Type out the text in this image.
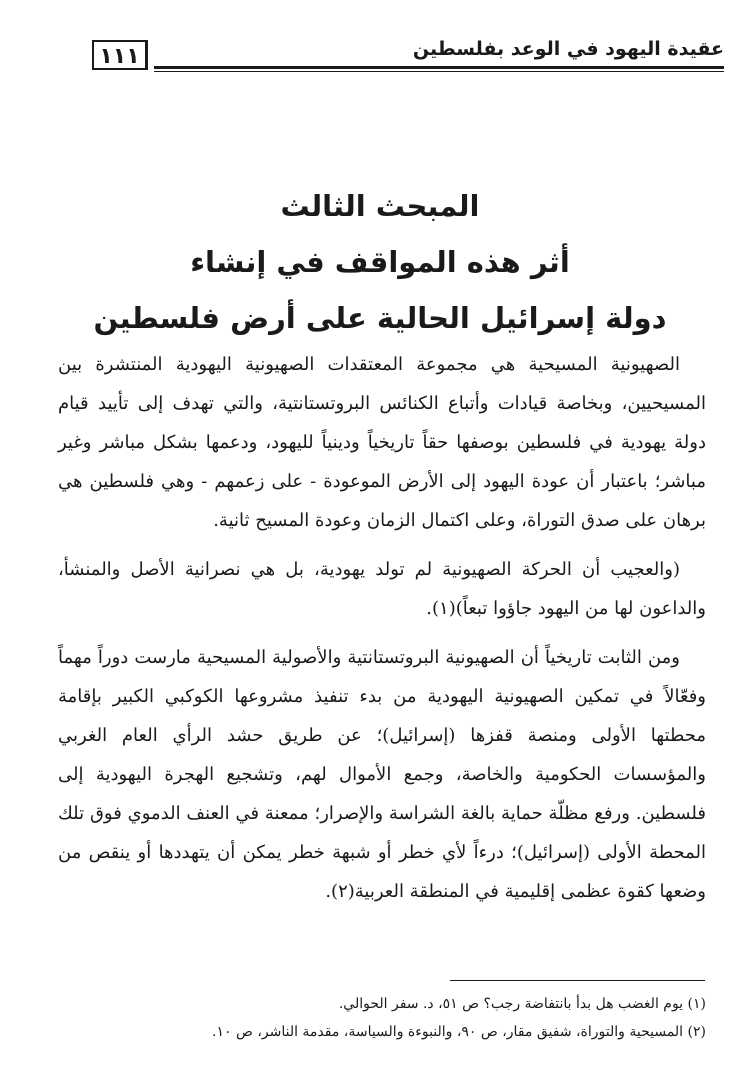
١١١	عقيدة اليهود في الوعد بفلسطين
المبحث الثالث
أثر هذه المواقف في إنشاء
دولة إسرائيل الحالية على أرض فلسطين

الصهيونية المسيحية هي مجموعة المعتقدات الصهيونية اليهودية المنتشرة بين المسيحيين، وبخاصة قيادات وأتباع الكنائس البروتستانتية، والتي تهدف إلى تأييد قيام دولة يهودية في فلسطين بوصفها حقاً تاريخياً ودينياً لليهود، ودعمها بشكل مباشر وغير مباشر؛ باعتبار أن عودة اليهود إلى الأرض الموعودة - على زعمهم - وهي فلسطين هي برهان على صدق التوراة، وعلى اكتمال الزمان وعودة المسيح ثانية.

(والعجيب أن الحركة الصهيونية لم تولد يهودية، بل هي نصرانية الأصل والمنشأ، والداعون لها من اليهود جاؤوا تبعاً)(١).

ومن الثابت تاريخياً أن الصهيونية البروتستانتية والأصولية المسيحية مارست دوراً مهماً وفعّالاً في تمكين الصهيونية اليهودية من بدء تنفيذ مشروعها الكوكبي الكبير بإقامة محطتها الأولى ومنصة قفزها (إسرائيل)؛ عن طريق حشد الرأي العام الغربي والمؤسسات الحكومية والخاصة، وجمع الأموال لهم، وتشجيع الهجرة اليهودية إلى فلسطين. ورفع مظلّة حماية بالغة الشراسة والإصرار؛ ممعنة في العنف الدموي فوق تلك المحطة الأولى (إسرائيل)؛ درءاً لأي خطر أو شبهة خطر يمكن أن يتهددها أو ينقص من وضعها كقوة عظمى إقليمية في المنطقة العربية(٢).

(١) يوم الغضب هل بدأ بانتفاضة رجب؟ ص ٥١، د. سفر الحوالي.
(٢) المسيحية والتوراة، شفيق مقار، ص ٩٠، والنبوءة والسياسة، مقدمة الناشر، ص ١٠.
